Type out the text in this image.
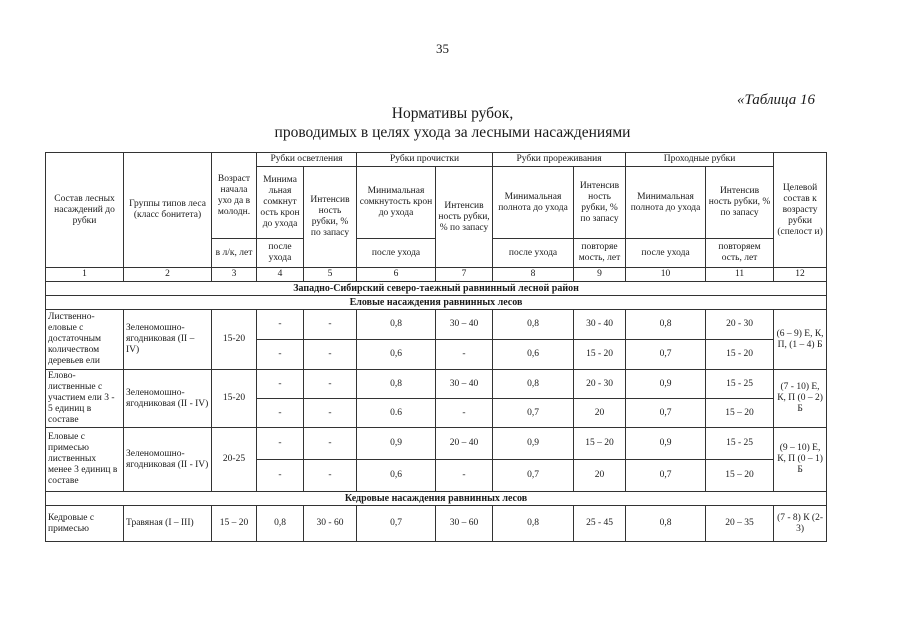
35
«Таблица 16
Нормативы рубок,
проводимых в целях ухода за лесными насаждениями
Состав лесных насаждений до рубки	Группы типов леса (класс бонитета)	Возраст начала ухо да в молодн.	Рубки осветления		Рубки прочистки		Рубки прореживания		Проходные рубки		Целевой состав к возрасту рубки (спелост и)
			Минима льная сомкнут ость крон до ухода	Интенсив ность рубки, % по запасу	Минимальная сомкнутость крон до ухода	Интенсив ность рубки, % по запасу	Минимальная полнота до ухода	Интенсив ность рубки, % по запасу	Минимальная полнота до ухода	Интенсив ность рубки, % по запасу	
		в л/к, лет	после ухода		после ухода		после ухода	повторяе мость, лет	после ухода	повторяем ость, лет	
1	2	3	4	5	6	7	8	9	10	11	12
Западно-Сибирский северо-таежный равнинный лесной район											
Еловые насаждения равнинных лесов											
Лиственно-еловые с достаточным количеством деревьев ели	Зеленомошно-ягодниковая (II – IV)	15-20	-	-	0,8	30 – 40	0,8	30 - 40	0,8	20 - 30	(6 – 9) Е, К, П, (1 – 4) Б
			-	-	0,6	-	0,6	15 - 20	0,7	15 - 20	
Елово-лиственные с участием ели 3 - 5 единиц в составе	Зеленомошно-ягодниковая (II - IV)	15-20	-	-	0,8	30 – 40	0,8	20 - 30	0,9	15 - 25	(7 - 10) Е, К, П (0 – 2) Б
			-	-	0.6	-	0,7	20	0,7	15 – 20	
Еловые с примесью лиственных менее 3 единиц в составе	Зеленомошно-ягодниковая (II - IV)	20-25	-	-	0,9	20 – 40	0,9	15 – 20	0,9	15 - 25	(9 – 10) Е, К, П (0 – 1) Б
			-	-	0,6	-	0,7	20	0,7	15 – 20	
Кедровые насаждения равнинных лесов											
Кедровые с примесью	Травяная (I – III)	15 – 20	0,8	30 - 60	0,7	30 – 60	0,8	25 - 45	0,8	20 – 35	(7 - 8) К (2-3)
